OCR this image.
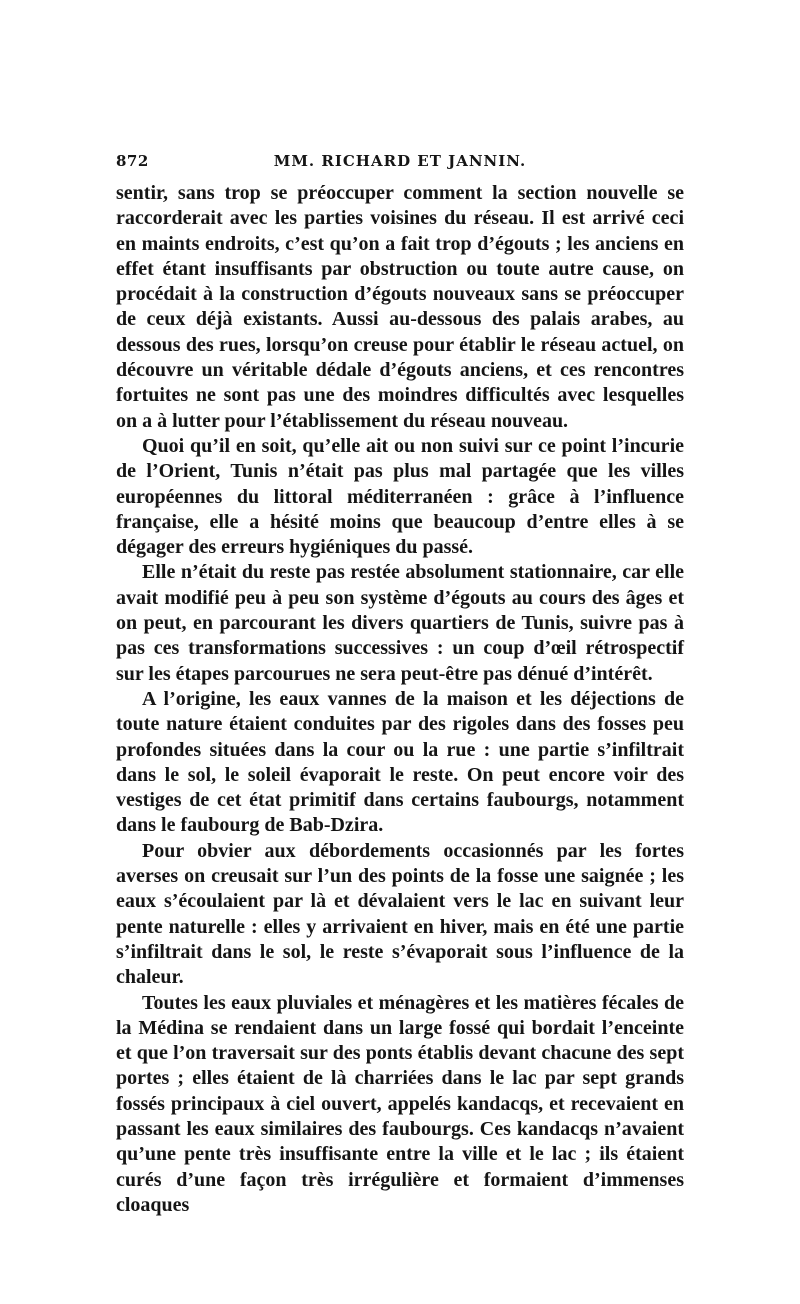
872	MM. RICHARD ET JANNIN.

sentir, sans trop se préoccuper comment la section nouvelle se raccorderait avec les parties voisines du réseau. Il est arrivé ceci en maints endroits, c’est qu’on a fait trop d’égouts ; les anciens en effet étant insuffisants par obstruction ou toute autre cause, on procédait à la construction d’égouts nouveaux sans se préoccuper de ceux déjà existants. Aussi au-dessous des palais arabes, au dessous des rues, lorsqu’on creuse pour établir le réseau actuel, on découvre un véritable dédale d’égouts anciens, et ces rencontres fortuites ne sont pas une des moindres difficultés avec lesquelles on a à lutter pour l’établissement du réseau nouveau.

Quoi qu’il en soit, qu’elle ait ou non suivi sur ce point l’incurie de l’Orient, Tunis n’était pas plus mal partagée que les villes européennes du littoral méditerranéen : grâce à l’influence française, elle a hésité moins que beaucoup d’entre elles à se dégager des erreurs hygiéniques du passé.

Elle n’était du reste pas restée absolument stationnaire, car elle avait modifié peu à peu son système d’égouts au cours des âges et on peut, en parcourant les divers quartiers de Tunis, suivre pas à pas ces transformations successives : un coup d’œil rétrospectif sur les étapes parcourues ne sera peut-être pas dénué d’intérêt.

A l’origine, les eaux vannes de la maison et les déjections de toute nature étaient conduites par des rigoles dans des fosses peu profondes situées dans la cour ou la rue : une partie s’infiltrait dans le sol, le soleil évaporait le reste. On peut encore voir des vestiges de cet état primitif dans certains faubourgs, notamment dans le faubourg de Bab-Dzira.

Pour obvier aux débordements occasionnés par les fortes averses on creusait sur l’un des points de la fosse une saignée ; les eaux s’écoulaient par là et dévalaient vers le lac en suivant leur pente naturelle : elles y arrivaient en hiver, mais en été une partie s’infiltrait dans le sol, le reste s’évaporait sous l’influence de la chaleur.

Toutes les eaux pluviales et ménagères et les matières fécales de la Médina se rendaient dans un large fossé qui bordait l’enceinte et que l’on traversait sur des ponts établis devant chacune des sept portes ; elles étaient de là charriées dans le lac par sept grands fossés principaux à ciel ouvert, appelés kandacqs, et recevaient en passant les eaux similaires des faubourgs. Ces kandacqs n’avaient qu’une pente très insuffisante entre la ville et le lac ; ils étaient curés d’une façon très irrégulière et formaient d’immenses cloaques
